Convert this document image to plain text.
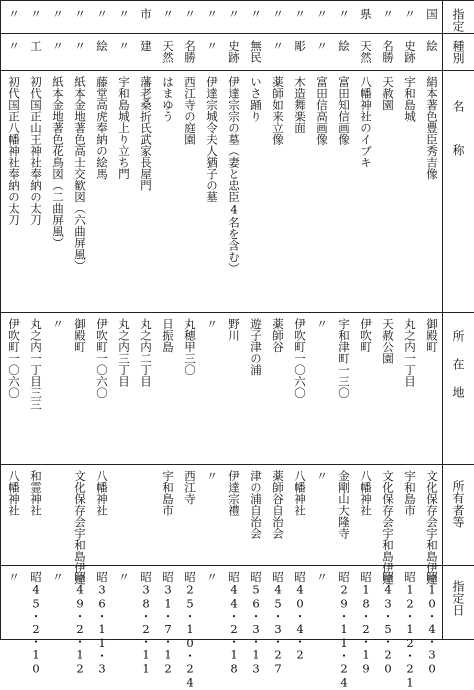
指定
種別
名　称
所　在　地
所有者等
指定日
国
絵
絹本著色豊臣秀吉像
御殿町
文化保存会宇和島伊達
昭10・4・30
〃
史跡
宇和島城
丸之内一丁目
宇和島市
昭12・12・21
〃
名勝
天赦園
天赦公園
文化保存会宇和島伊達
昭43・5・20
県
天然
八幡神社のイブキ
伊吹町
八幡神社
昭18・2・19
〃
絵
富田知信画像
宇和津町一三〇
金剛山大隆寺
昭29・11・24
〃
〃
富田信高画像
〃
〃
〃
〃
彫
木造舞楽面
伊吹町一〇六〇
八幡神社
昭40・4・2
〃
〃
薬師如来立像
薬師谷
薬師谷自治会
昭45・3・27
〃
無民
いさ踊り
遊子津の浦
津の浦自治会
昭56・3・13
〃
史跡
伊達宗宗の墓（妻と忠臣4名を含む）
野川
伊達宗禮
昭44・2・18
〃
〃
伊達宗城令夫人猶子の墓
〃
〃
〃
〃
名勝
西江寺の庭園
丸穂甲三〇
西江寺
昭25・10・24
〃
天然
はまゆう
日振島
宇和島市
昭31・7・12
市
建
藩老桑折氏武家長屋門
丸之内二丁目
昭38・2・11
〃
〃
宇和島城上り立ち門
丸之内三丁目
〃
〃
絵
藤堂高虎奉納の絵馬
伊吹町一〇六〇
八幡神社
昭36・11・3
〃
〃
紙本金地著色高士交歓図（六曲屏風）
御殿町
文化保存会宇和島伊達
昭49・2・12
〃
〃
紙本金地著色花鳥図（二曲屏風）
〃
〃
〃
工
初代国正山王神社奉納の太刀
丸之内一丁目三三
和霊神社
昭45・2・10
〃
〃
初代国正八幡神社奉納の太刀
伊吹町一〇六〇
八幡神社
〃
